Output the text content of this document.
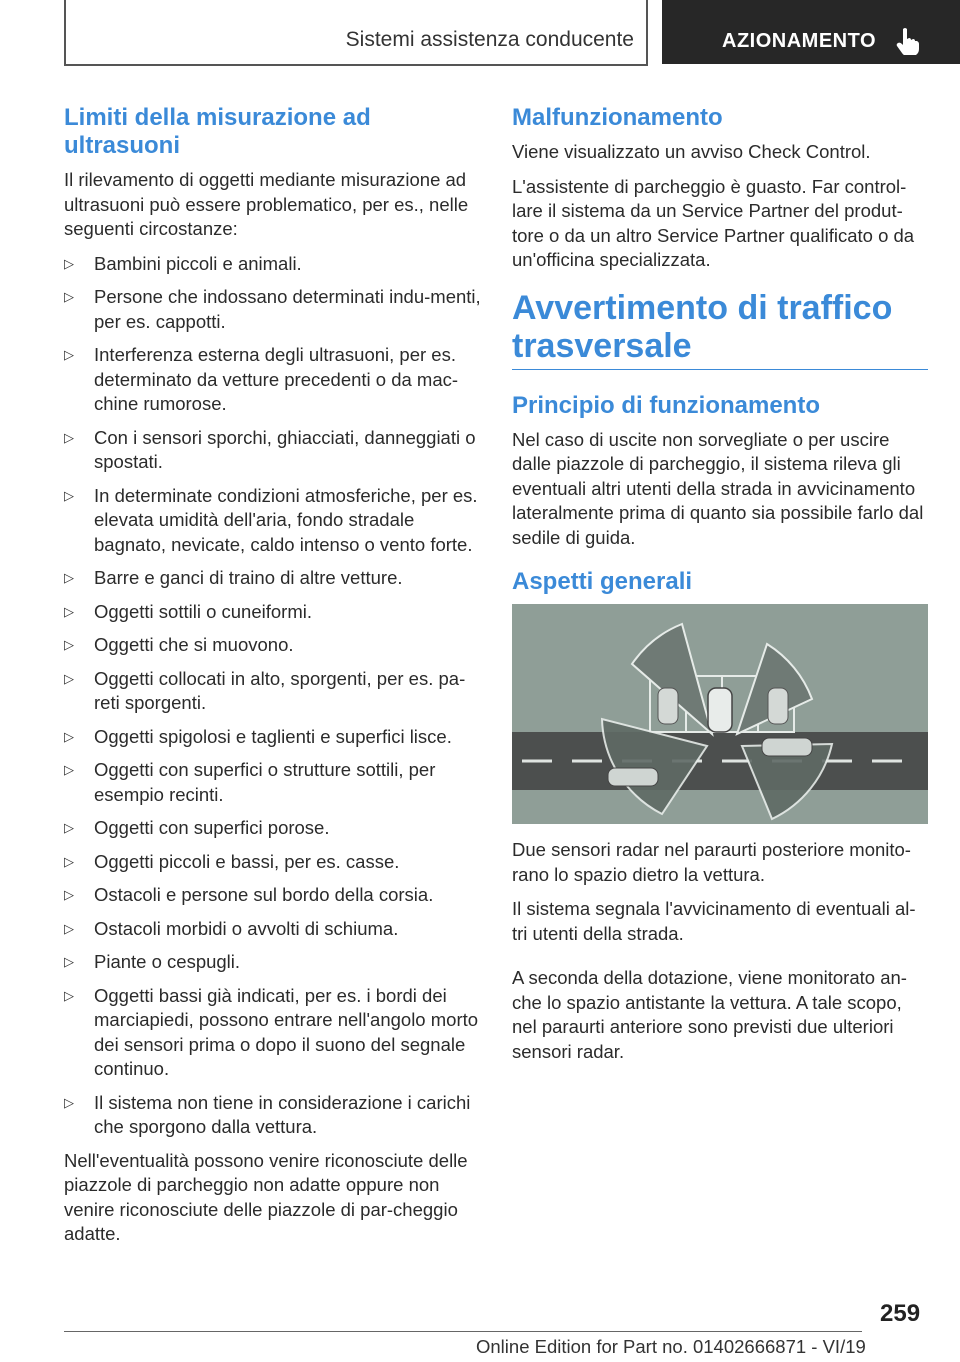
Sistemi assistenza conducente	AZIONAMENTO
Limiti della misurazione ad ultrasuoni

Il rilevamento di oggetti mediante misurazione ad ultrasuoni può essere problematico, per es., nelle seguenti circostanze:

▷ Bambini piccoli e animali.
▷ Persone che indossano determinati indu-menti, per es. cappotti.
▷ Interferenza esterna degli ultrasuoni, per es. determinato da vetture precedenti o da mac-chine rumorose.
▷ Con i sensori sporchi, ghiacciati, danneggiati o spostati.
▷ In determinate condizioni atmosferiche, per es. elevata umidità dell'aria, fondo stradale bagnato, nevicate, caldo intenso o vento forte.
▷ Barre e ganci di traino di altre vetture.
▷ Oggetti sottili o cuneiformi.
▷ Oggetti che si muovono.
▷ Oggetti collocati in alto, sporgenti, per es. pa-reti sporgenti.
▷ Oggetti spigolosi e taglienti e superfici lisce.
▷ Oggetti con superfici o strutture sottili, per esempio recinti.
▷ Oggetti con superfici porose.
▷ Oggetti piccoli e bassi, per es. casse.
▷ Ostacoli e persone sul bordo della corsia.
▷ Ostacoli morbidi o avvolti di schiuma.
▷ Piante o cespugli.
▷ Oggetti bassi già indicati, per es. i bordi dei marciapiedi, possono entrare nell'angolo morto dei sensori prima o dopo il suono del segnale continuo.
▷ Il sistema non tiene in considerazione i carichi che sporgono dalla vettura.

Nell'eventualità possono venire riconosciute delle piazzole di parcheggio non adatte oppure non venire riconosciute delle piazzole di par-cheggio adatte.

Malfunzionamento

Viene visualizzato un avviso Check Control.

L'assistente di parcheggio è guasto. Far control-lare il sistema da un Service Partner del produt-tore o da un altro Service Partner qualificato o da un'officina specializzata.

Avvertimento di traffico trasversale
Principio di funzionamento

Nel caso di uscite non sorvegliate o per uscire dalle piazzole di parcheggio, il sistema rileva gli eventuali altri utenti della strada in avvicinamento lateralmente prima di quanto sia possibile farlo dal sedile di guida.

Aspetti generali

Due sensori radar nel paraurti posteriore monito-rano lo spazio dietro la vettura.

Il sistema segnala l'avvicinamento di eventuali al-tri utenti della strada.

A seconda della dotazione, viene monitorato an-che lo spazio antistante la vettura. A tale scopo, nel paraurti anteriore sono previsti due ulteriori sensori radar.

259
Online Edition for Part no. 01402666871 - VI/19
